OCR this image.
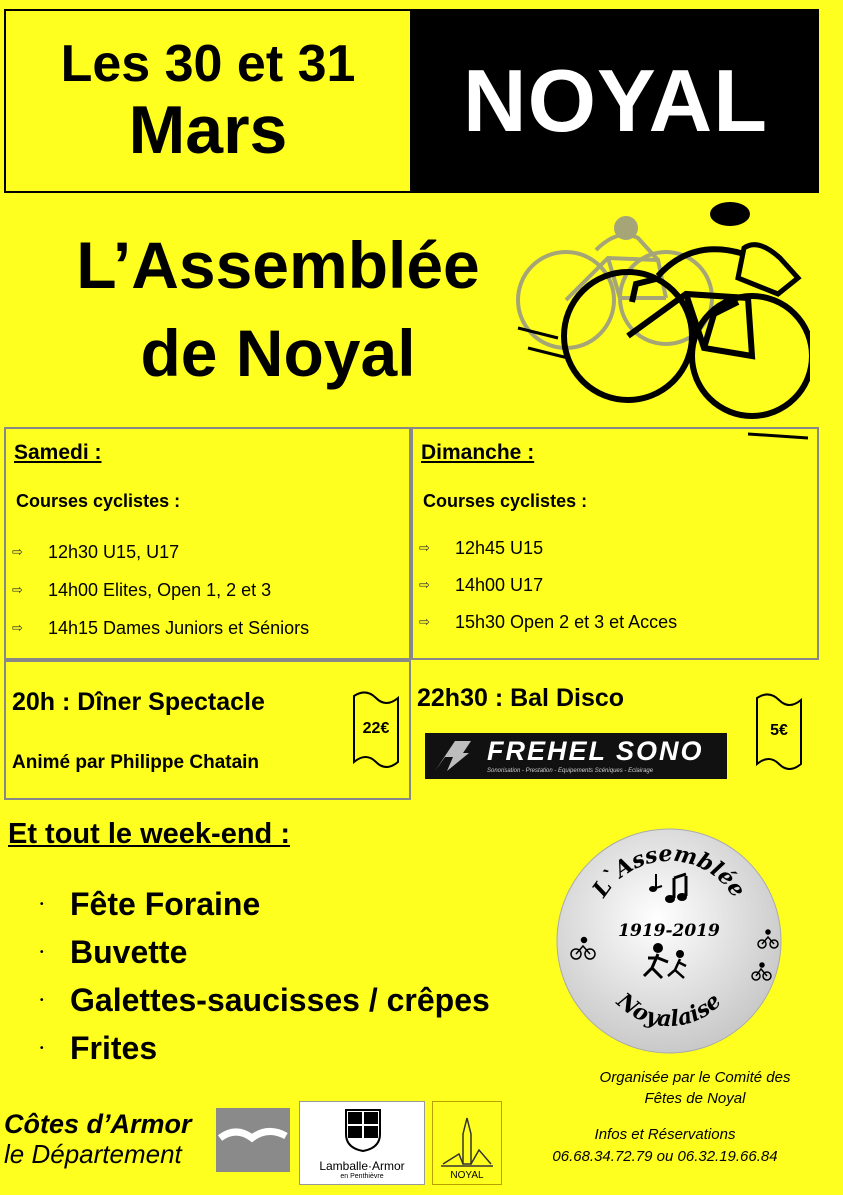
Les 30 et 31
Mars NOYAL
L’Assemblée
de Noyal
Samedi :
Courses cyclistes :
⇨	12h30 U15, U17
⇨	14h00 Elites, Open 1, 2 et 3
⇨	14h15 Dames Juniors et Séniors
Dimanche :
Courses cyclistes :
⇨	12h45 U15
⇨	14h00 U17
⇨	15h30 Open 2 et 3 et Acces
20h : Dîner Spectacle
Animé par Philippe Chatain
22€
22h30 : Bal Disco
5€
FREHEL SONO
Sonorisation - Prestation - Equipements Scéniques - Eclairage
Et tout le week-end :
• Fête Foraine
• Buvette
• Galettes-saucisses / crêpes
• Frites
L`Assemblée
1919-2019
Noyalaise
Organisée par le Comité des
Fêtes de Noyal
Infos et Réservations
06.68.34.72.79 ou 06.32.19.66.84
Côtes d’Armor
le Département	Lamballe·Armor
en Penthièvre	NOYAL
